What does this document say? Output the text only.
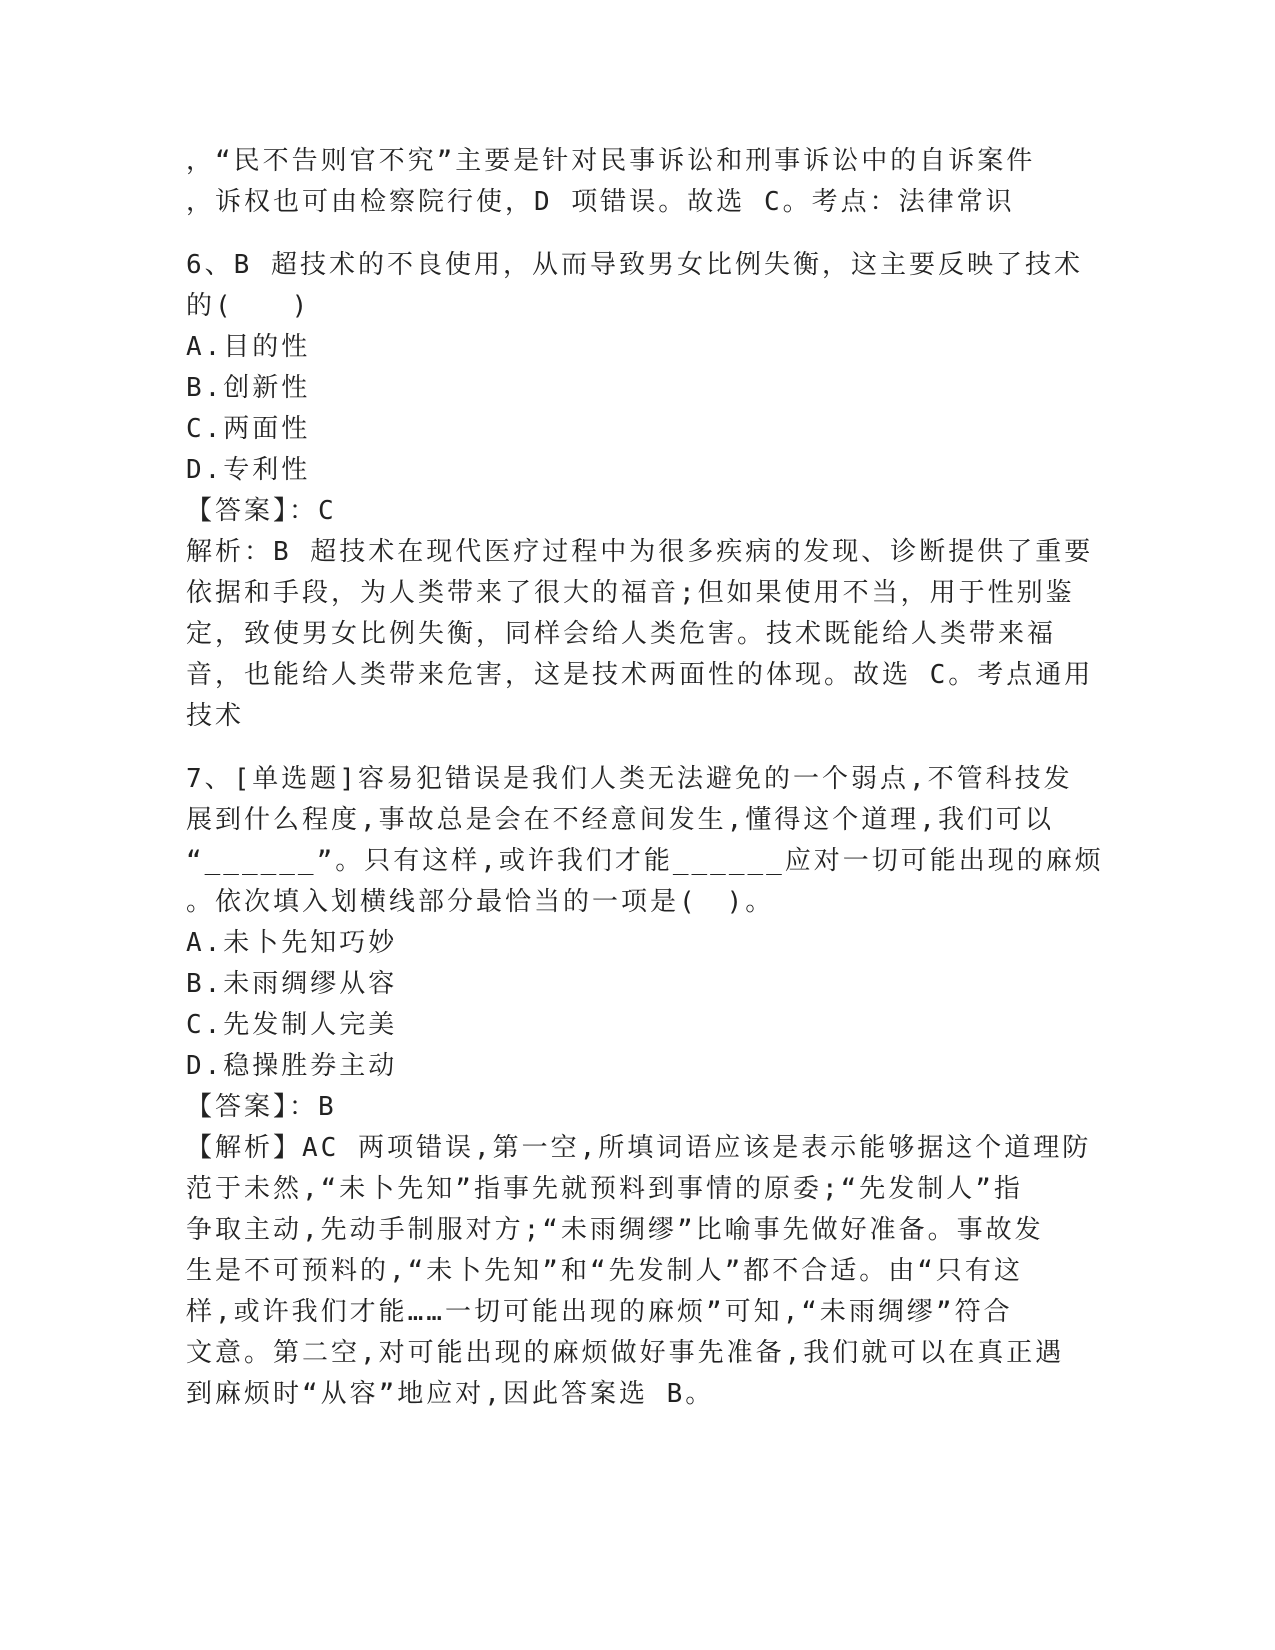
，“民不告则官不究”主要是针对民事诉讼和刑事诉讼中的自诉案件
，诉权也可由检察院行使，D 项错误。故选 C。考点：法律常识
6、B 超技术的不良使用，从而导致男女比例失衡，这主要反映了技术
的(　　)
A.目的性
B.创新性
C.两面性
D.专利性
【答案】：C
解析：B 超技术在现代医疗过程中为很多疾病的发现、诊断提供了重要
依据和手段，为人类带来了很大的福音;但如果使用不当，用于性别鉴
定，致使男女比例失衡，同样会给人类危害。技术既能给人类带来福
音，也能给人类带来危害，这是技术两面性的体现。故选 C。考点通用
技术
7、[单选题]容易犯错误是我们人类无法避免的一个弱点,不管科技发
展到什么程度,事故总是会在不经意间发生,懂得这个道理,我们可以
“______”。只有这样,或许我们才能______应对一切可能出现的麻烦
。依次填入划横线部分最恰当的一项是(　)。
A.未卜先知巧妙
B.未雨绸缪从容
C.先发制人完美
D.稳操胜券主动
【答案】：B
【解析】AC 两项错误,第一空,所填词语应该是表示能够据这个道理防
范于未然,“未卜先知”指事先就预料到事情的原委;“先发制人”指
争取主动,先动手制服对方;“未雨绸缪”比喻事先做好准备。事故发
生是不可预料的,“未卜先知”和“先发制人”都不合适。由“只有这
样,或许我们才能……一切可能出现的麻烦”可知,“未雨绸缪”符合
文意。第二空,对可能出现的麻烦做好事先准备,我们就可以在真正遇
到麻烦时“从容”地应对,因此答案选 B。
